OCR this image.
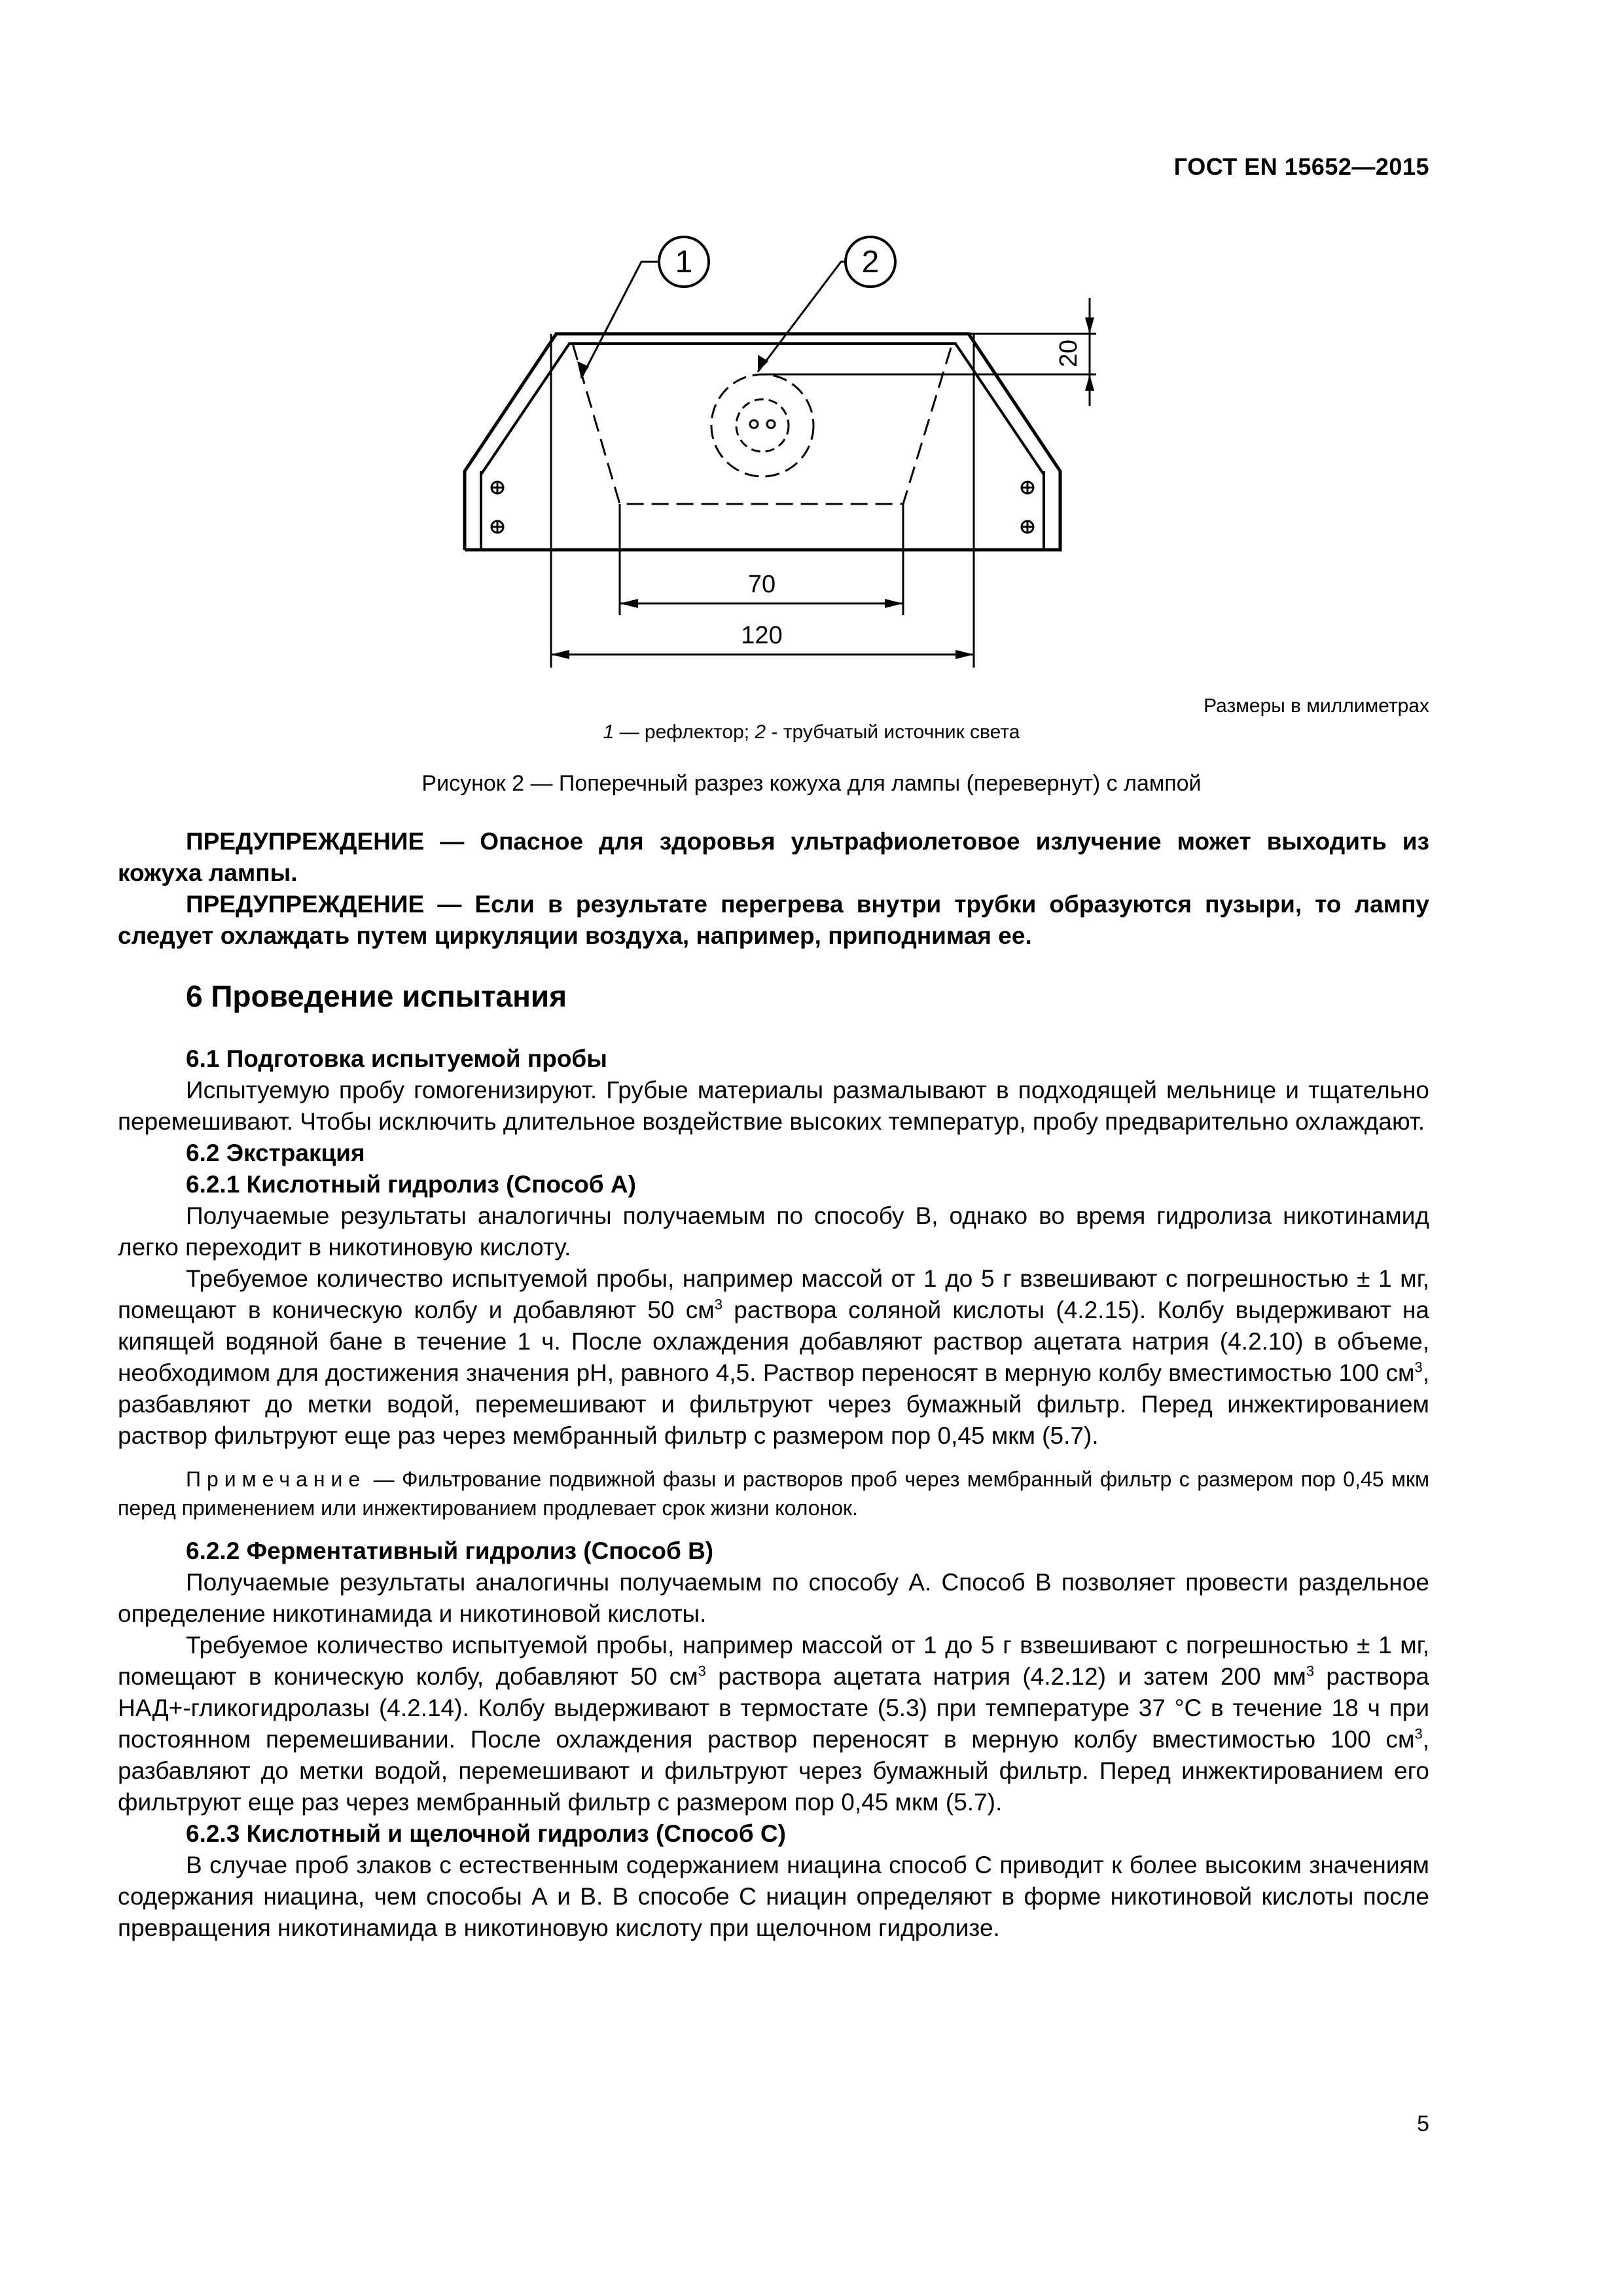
ГОСТ EN 15652—2015
1	2
20
70
120
Размеры в миллиметрах
1 — рефлектор; 2 - трубчатый источник света
Рисунок 2 — Поперечный разрез кожуха для лампы (перевернут) с лампой

ПРЕДУПРЕЖДЕНИЕ — Опасное для здоровья ультрафиолетовое излучение может выходить из кожуха лампы.

ПРЕДУПРЕЖДЕНИЕ — Если в результате перегрева внутри трубки образуются пузыри, то лампу следует охлаждать путем циркуляции воздуха, например, приподнимая ее.

6 Проведение испытания

6.1 Подготовка испытуемой пробы

Испытуемую пробу гомогенизируют. Грубые материалы размалывают в подходящей мельнице и тщательно перемешивают. Чтобы исключить длительное воздействие высоких температур, пробу предварительно охлаждают.

6.2 Экстракция

6.2.1 Кислотный гидролиз (Способ А)

Получаемые результаты аналогичны получаемым по способу В, однако во время гидролиза никотинамид легко переходит в никотиновую кислоту.

Требуемое количество испытуемой пробы, например массой от 1 до 5 г взвешивают с погрешностью ± 1 мг, помещают в коническую колбу и добавляют 50 $см^3$ раствора соляной кислоты (4.2.15). Колбу выдерживают на кипящей водяной бане в течение 1 ч. После охлаждения добавляют раствор ацетата натрия (4.2.10) в объеме, необходимом для достижения значения pH, равного 4,5. Раствор переносят в мерную колбу вместимостью 100 $см^3$, разбавляют до метки водой, перемешивают и фильтруют через бумажный фильтр. Перед инжектированием раствор фильтруют еще раз через мембранный фильтр с размером пор 0,45 мкм (5.7).

Примечание — Фильтрование подвижной фазы и растворов проб через мембранный фильтр с размером пор 0,45 мкм перед применением или инжектированием продлевает срок жизни колонок.

6.2.2 Ферментативный гидролиз (Способ В)

Получаемые результаты аналогичны получаемым по способу А. Способ В позволяет провести раздельное определение никотинамида и никотиновой кислоты.

Требуемое количество испытуемой пробы, например массой от 1 до 5 г взвешивают с погрешностью ± 1 мг, помещают в коническую колбу, добавляют 50 $см^3$ раствора ацетата натрия (4.2.12) и затем 200 $мм^3$ раствора НАД+-гликогидролазы (4.2.14). Колбу выдерживают в термостате (5.3) при температуре 37 °С в течение 18 ч при постоянном перемешивании. После охлаждения раствор переносят в мерную колбу вместимостью 100 $см^3$, разбавляют до метки водой, перемешивают и фильтруют через бумажный фильтр. Перед инжектированием его фильтруют еще раз через мембранный фильтр с размером пор 0,45 мкм (5.7).

6.2.3 Кислотный и щелочной гидролиз (Способ С)

В случае проб злаков с естественным содержанием ниацина способ С приводит к более высоким значениям содержания ниацина, чем способы А и В. В способе С ниацин определяют в форме никотиновой кислоты после превращения никотинамида в никотиновую кислоту при щелочном гидролизе.

5
